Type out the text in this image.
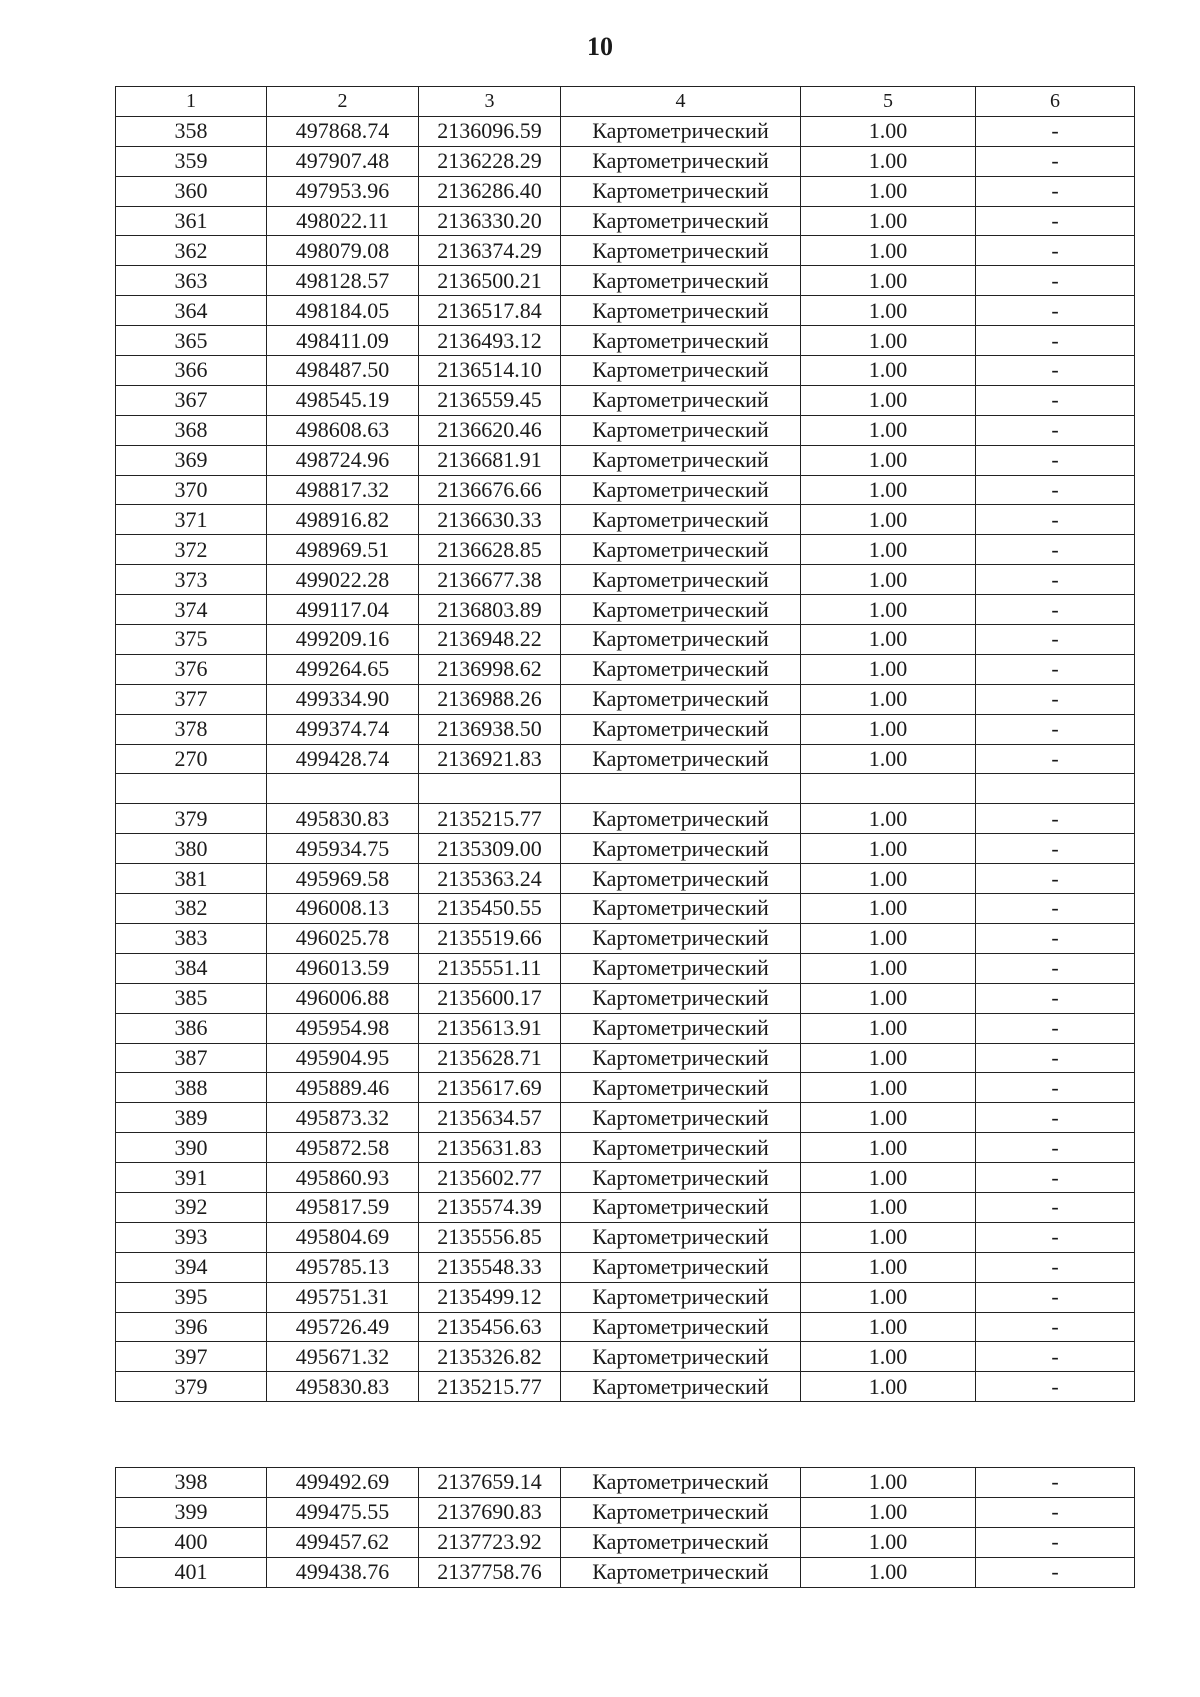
10
1	2	3	4	5	6
358	497868.74	2136096.59	Картометрический	1.00	-
359	497907.48	2136228.29	Картометрический	1.00	-
360	497953.96	2136286.40	Картометрический	1.00	-
361	498022.11	2136330.20	Картометрический	1.00	-
362	498079.08	2136374.29	Картометрический	1.00	-
363	498128.57	2136500.21	Картометрический	1.00	-
364	498184.05	2136517.84	Картометрический	1.00	-
365	498411.09	2136493.12	Картометрический	1.00	-
366	498487.50	2136514.10	Картометрический	1.00	-
367	498545.19	2136559.45	Картометрический	1.00	-
368	498608.63	2136620.46	Картометрический	1.00	-
369	498724.96	2136681.91	Картометрический	1.00	-
370	498817.32	2136676.66	Картометрический	1.00	-
371	498916.82	2136630.33	Картометрический	1.00	-
372	498969.51	2136628.85	Картометрический	1.00	-
373	499022.28	2136677.38	Картометрический	1.00	-
374	499117.04	2136803.89	Картометрический	1.00	-
375	499209.16	2136948.22	Картометрический	1.00	-
376	499264.65	2136998.62	Картометрический	1.00	-
377	499334.90	2136988.26	Картометрический	1.00	-
378	499374.74	2136938.50	Картометрический	1.00	-
270	499428.74	2136921.83	Картометрический	1.00	-

379	495830.83	2135215.77	Картометрический	1.00	-
380	495934.75	2135309.00	Картометрический	1.00	-
381	495969.58	2135363.24	Картометрический	1.00	-
382	496008.13	2135450.55	Картометрический	1.00	-
383	496025.78	2135519.66	Картометрический	1.00	-
384	496013.59	2135551.11	Картометрический	1.00	-
385	496006.88	2135600.17	Картометрический	1.00	-
386	495954.98	2135613.91	Картометрический	1.00	-
387	495904.95	2135628.71	Картометрический	1.00	-
388	495889.46	2135617.69	Картометрический	1.00	-
389	495873.32	2135634.57	Картометрический	1.00	-
390	495872.58	2135631.83	Картометрический	1.00	-
391	495860.93	2135602.77	Картометрический	1.00	-
392	495817.59	2135574.39	Картометрический	1.00	-
393	495804.69	2135556.85	Картометрический	1.00	-
394	495785.13	2135548.33	Картометрический	1.00	-
395	495751.31	2135499.12	Картометрический	1.00	-
396	495726.49	2135456.63	Картометрический	1.00	-
397	495671.32	2135326.82	Картометрический	1.00	-
379	495830.83	2135215.77	Картометрический	1.00	-
398	499492.69	2137659.14	Картометрический	1.00	-
399	499475.55	2137690.83	Картометрический	1.00	-
400	499457.62	2137723.92	Картометрический	1.00	-
401	499438.76	2137758.76	Картометрический	1.00	-
